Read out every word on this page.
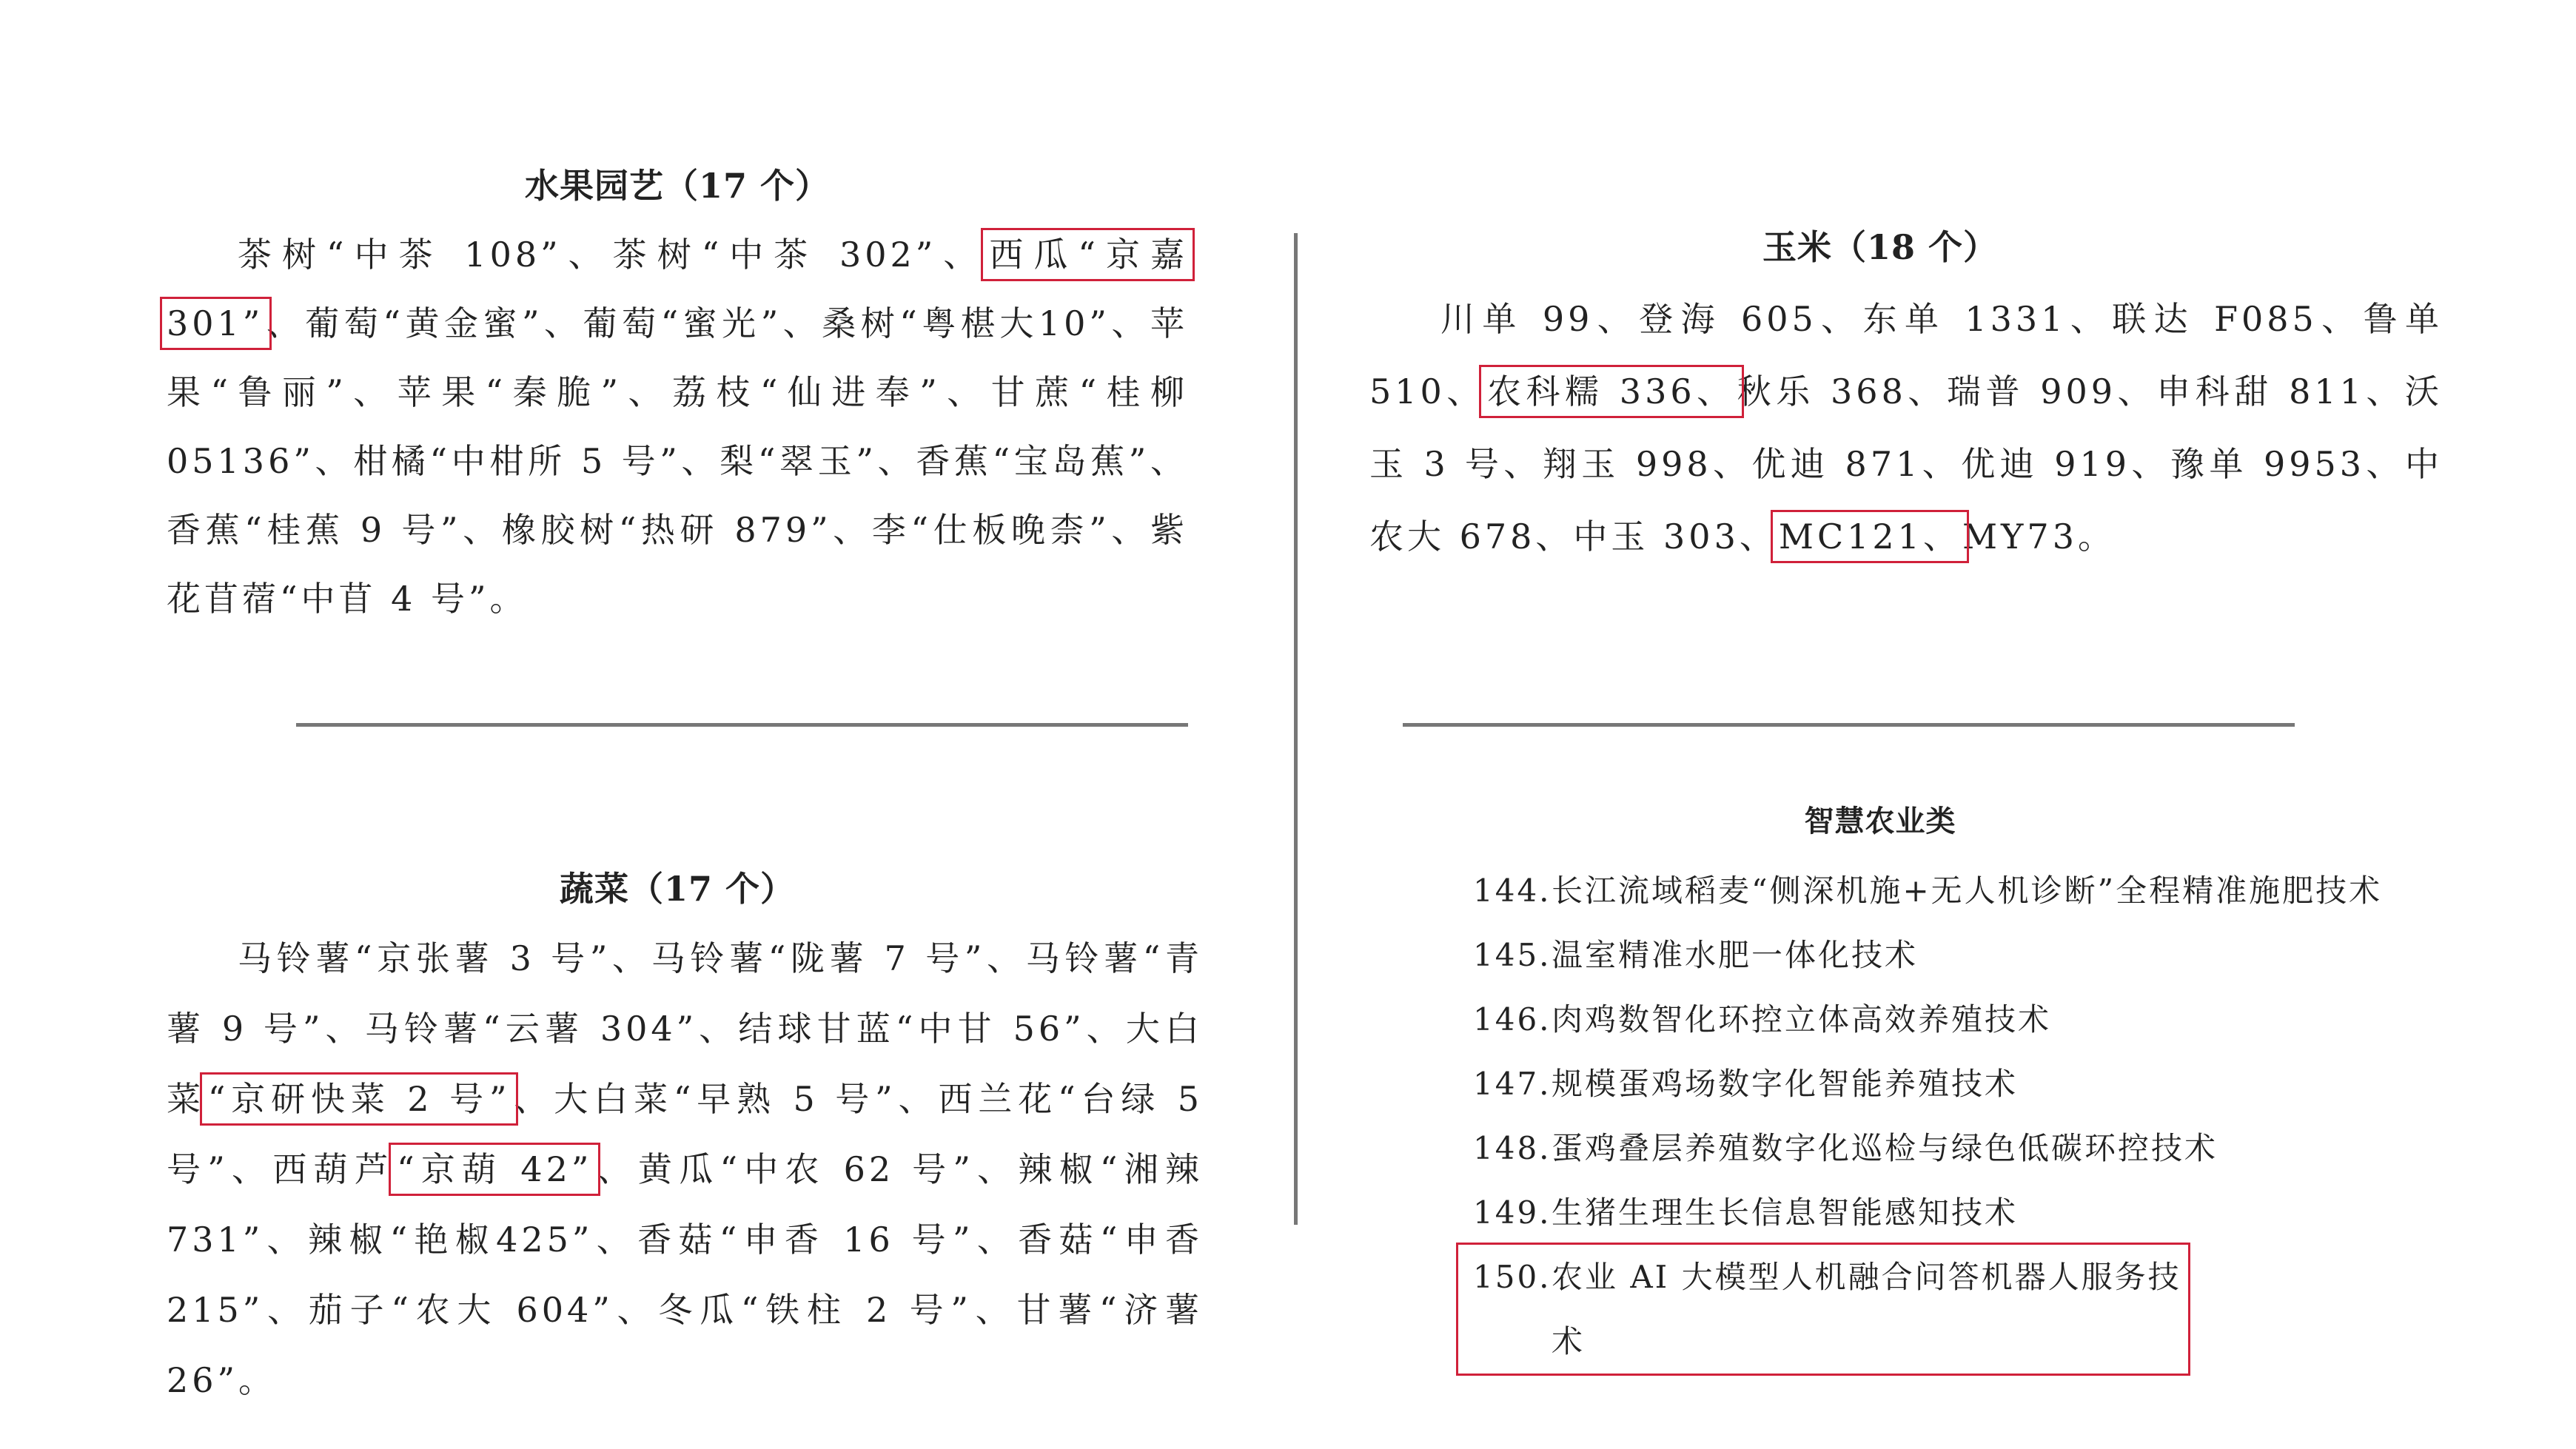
水果园艺（17 个）
茶树“中茶 108”、茶树“中茶 302”、西瓜“京嘉 301”、葡萄“黄金蜜”、葡萄“蜜光”、桑树“粤椹大10”、苹果“鲁丽”、苹果“秦脆”、荔枝“仙进奉”、甘蔗“桂柳 05136”、柑橘“中柑所 5 号”、梨“翠玉”、香蕉“宝岛蕉”、香蕉“桂蕉 9 号”、橡胶树“热研 879”、李“仕板晚柰”、紫花苜蓿“中苜 4 号”。
玉米（18 个）
川单 99、登海 605、东单 1331、联达 F085、鲁单 510、农科糯 336、秋乐 368、瑞普 909、申科甜 811、沃玉 3 号、翔玉 998、优迪 871、优迪 919、豫单 9953、中农大 678、中玉 303、MC121、MY73。
蔬菜（17 个）
马铃薯“京张薯 3 号”、马铃薯“陇薯 7 号”、马铃薯“青薯 9 号”、马铃薯“云薯 304”、结球甘蓝“中甘 56”、大白菜“京研快菜 2 号”、大白菜“早熟 5 号”、西兰花“台绿 5 号”、西葫芦“京葫 42”、黄瓜“中农 62 号”、辣椒“湘辣 731”、辣椒“艳椒425”、香菇“申香 16 号”、香菇“申香 215”、茄子“农大 604”、冬瓜“铁柱 2 号”、甘薯“济薯 26”。
智慧农业类
144. 长江流域稻麦“侧深机施+无人机诊断”全程精准施肥技术
145. 温室精准水肥一体化技术
146. 肉鸡数智化环控立体高效养殖技术
147. 规模蛋鸡场数字化智能养殖技术
148. 蛋鸡叠层养殖数字化巡检与绿色低碳环控技术
149. 生猪生理生长信息智能感知技术
150. 农业 AI 大模型人机融合问答机器人服务技术
